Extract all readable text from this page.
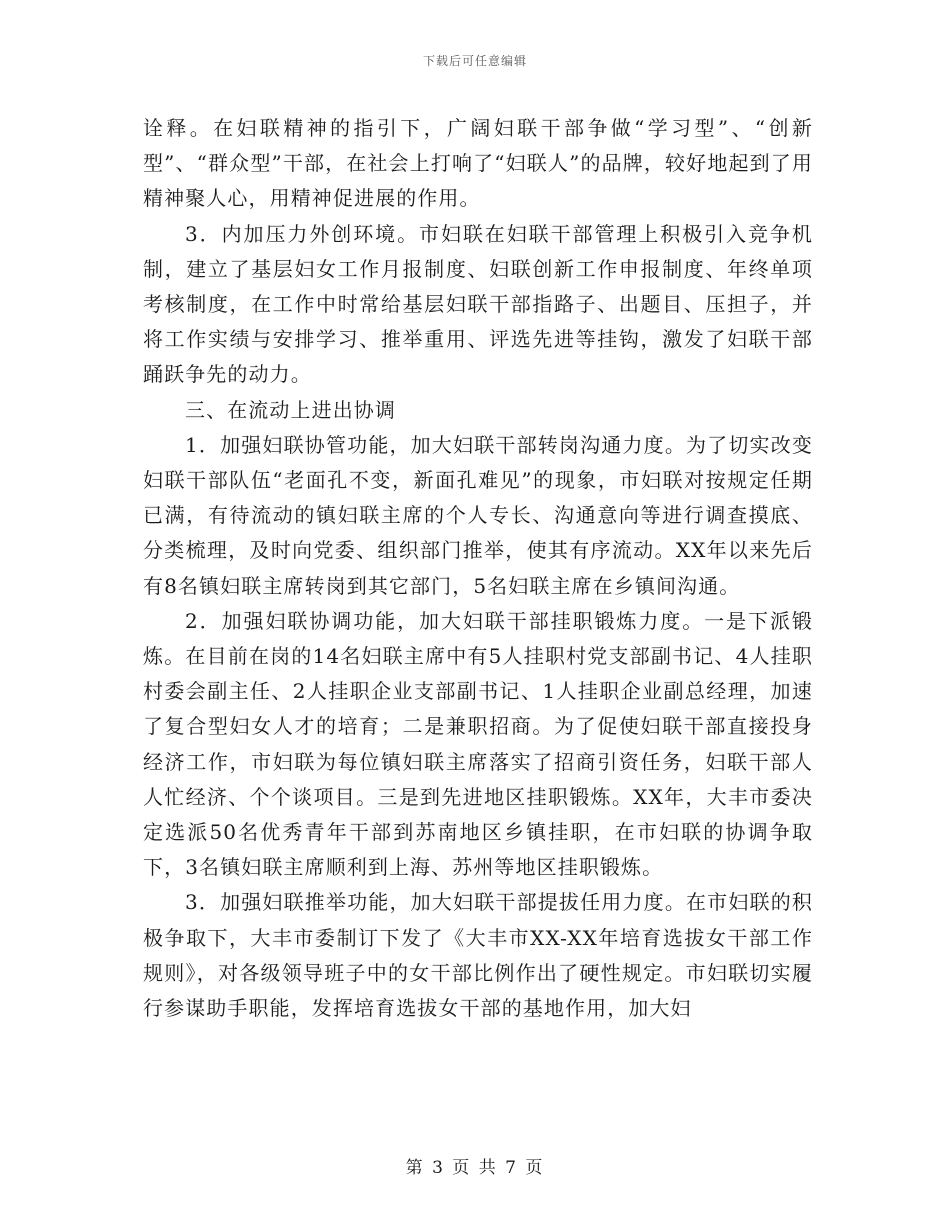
下载后可任意编辑

诠释。在妇联精神的指引下，广阔妇联干部争做“学习型”、“创新型”、“群众型”干部，在社会上打响了“妇联人”的品牌，较好地起到了用精神聚人心，用精神促进展的作用。

3．内加压力外创环境。市妇联在妇联干部管理上积极引入竞争机制，建立了基层妇女工作月报制度、妇联创新工作申报制度、年终单项考核制度，在工作中时常给基层妇联干部指路子、出题目、压担子，并将工作实绩与安排学习、推举重用、评选先进等挂钩，激发了妇联干部踊跃争先的动力。

三、在流动上进出协调

1．加强妇联协管功能，加大妇联干部转岗沟通力度。为了切实改变妇联干部队伍“老面孔不变，新面孔难见”的现象，市妇联对按规定任期已满，有待流动的镇妇联主席的个人专长、沟通意向等进行调查摸底、分类梳理，及时向党委、组织部门推举，使其有序流动。XX年以来先后有8名镇妇联主席转岗到其它部门，5名妇联主席在乡镇间沟通。

2．加强妇联协调功能，加大妇联干部挂职锻炼力度。一是下派锻炼。在目前在岗的14名妇联主席中有5人挂职村党支部副书记、4人挂职村委会副主任、2人挂职企业支部副书记、1人挂职企业副总经理，加速了复合型妇女人才的培育；二是兼职招商。为了促使妇联干部直接投身经济工作，市妇联为每位镇妇联主席落实了招商引资任务，妇联干部人人忙经济、个个谈项目。三是到先进地区挂职锻炼。XX年，大丰市委决定选派50名优秀青年干部到苏南地区乡镇挂职，在市妇联的协调争取下，3名镇妇联主席顺利到上海、苏州等地区挂职锻炼。

3．加强妇联推举功能，加大妇联干部提拔任用力度。在市妇联的积极争取下，大丰市委制订下发了《大丰市XX-XX年培育选拔女干部工作规则》，对各级领导班子中的女干部比例作出了硬性规定。市妇联切实履行参谋助手职能，发挥培育选拔女干部的基地作用，加大妇

第 3 页 共 7 页
